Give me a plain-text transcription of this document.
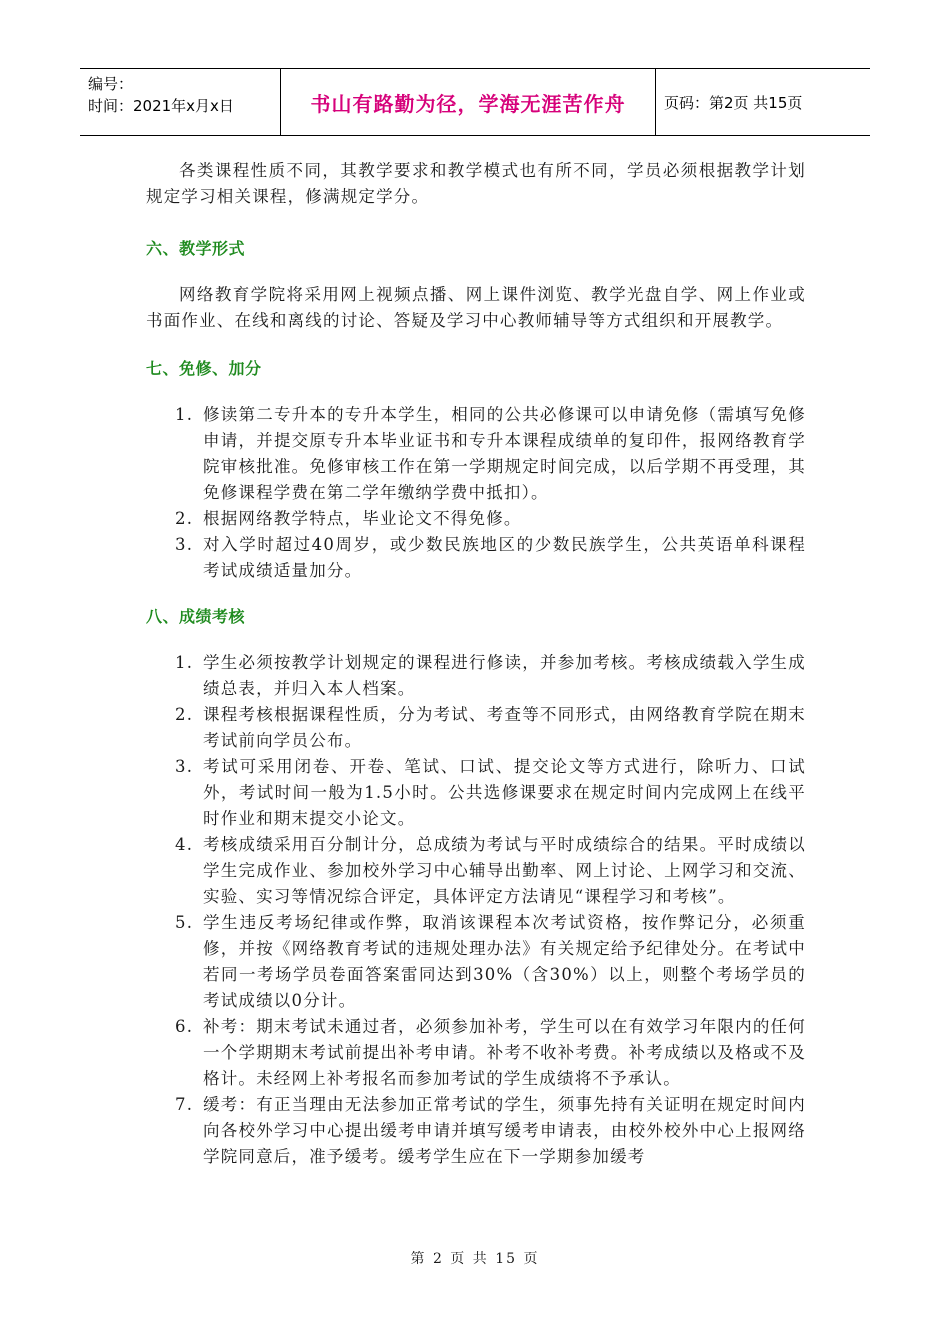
编号：
时间：2021年x月x日	书山有路勤为径，学海无涯苦作舟	页码：第2页 共15页

各类课程性质不同，其教学要求和教学模式也有所不同，学员必须根据教学计划规定学习相关课程，修满规定学分。

六、教学形式

网络教育学院将采用网上视频点播、网上课件浏览、教学光盘自学、网上作业或书面作业、在线和离线的讨论、答疑及学习中心教师辅导等方式组织和开展教学。

七、免修、加分
1. 修读第二专升本的专升本学生，相同的公共必修课可以申请免修（需填写免修申请，并提交原专升本毕业证书和专升本课程成绩单的复印件，报网络教育学院审核批准。免修审核工作在第一学期规定时间完成，以后学期不再受理，其免修课程学费在第二学年缴纳学费中抵扣）。
2. 根据网络教学特点，毕业论文不得免修。
3. 对入学时超过40周岁，或少数民族地区的少数民族学生，公共英语单科课程考试成绩适量加分。
八、成绩考核
1. 学生必须按教学计划规定的课程进行修读，并参加考核。考核成绩载入学生成绩总表，并归入本人档案。
2. 课程考核根据课程性质，分为考试、考查等不同形式，由网络教育学院在期末考试前向学员公布。
3. 考试可采用闭卷、开卷、笔试、口试、提交论文等方式进行，除听力、口试外，考试时间一般为1.5小时。公共选修课要求在规定时间内完成网上在线平时作业和期末提交小论文。
4. 考核成绩采用百分制计分，总成绩为考试与平时成绩综合的结果。平时成绩以学生完成作业、参加校外学习中心辅导出勤率、网上讨论、上网学习和交流、实验、实习等情况综合评定，具体评定方法请见“课程学习和考核”。
5. 学生违反考场纪律或作弊，取消该课程本次考试资格，按作弊记分，必须重修，并按《网络教育考试的违规处理办法》有关规定给予纪律处分。在考试中若同一考场学员卷面答案雷同达到30%（含30%）以上，则整个考场学员的考试成绩以0分计。
6. 补考：期末考试未通过者，必须参加补考，学生可以在有效学习年限内的任何一个学期期末考试前提出补考申请。补考不收补考费。补考成绩以及格或不及格计。未经网上补考报名而参加考试的学生成绩将不予承认。
7. 缓考：有正当理由无法参加正常考试的学生，须事先持有关证明在规定时间内向各校外学习中心提出缓考申请并填写缓考申请表，由校外校外中心上报网络学院同意后，准予缓考。缓考学生应在下一学期参加缓考
第 2 页 共 15 页
